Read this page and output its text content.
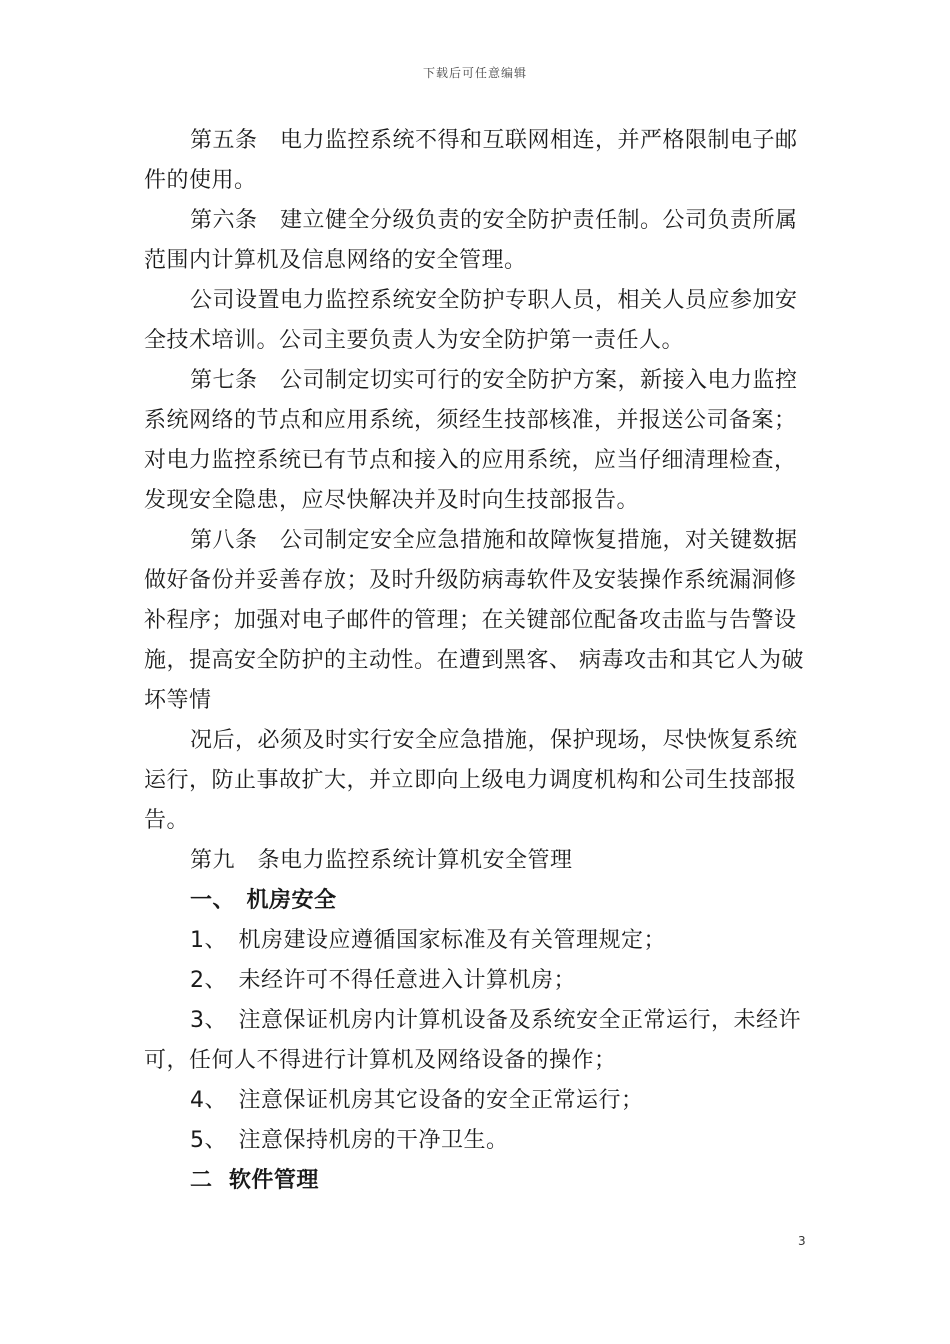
下载后可任意编辑

第五条　电力监控系统不得和互联网相连，并严格限制电子邮件的使用。

第六条　建立健全分级负责的安全防护责任制。公司负责所属范围内计算机及信息网络的安全管理。

公司设置电力监控系统安全防护专职人员，相关人员应参加安全技术培训。公司主要负责人为安全防护第一责任人。

第七条　公司制定切实可行的安全防护方案，新接入电力监控系统网络的节点和应用系统，须经生技部核准，并报送公司备案；对电力监控系统已有节点和接入的应用系统，应当仔细清理检查，发现安全隐患，应尽快解决并及时向生技部报告。

第八条　公司制定安全应急措施和故障恢复措施，对关键数据做好备份并妥善存放；及时升级防病毒软件及安装操作系统漏洞修补程序；加强对电子邮件的管理；在关键部位配备攻击监与告警设施，提高安全防护的主动性。在遭到黑客、 病毒攻击和其它人为破坏等情

况后，必须及时实行安全应急措施，保护现场，尽快恢复系统运行，防止事故扩大，并立即向上级电力调度机构和公司生技部报告。

第九　条电力监控系统计算机安全管理

一、　机房安全

1、　机房建设应遵循国家标准及有关管理规定；

2、　未经许可不得任意进入计算机房；

3、　注意保证机房内计算机设备及系统安全正常运行，未经许可，任何人不得进行计算机及网络设备的操作；

4、　注意保证机房其它设备的安全正常运行；

5、　注意保持机房的干净卫生。

二  软件管理

3
